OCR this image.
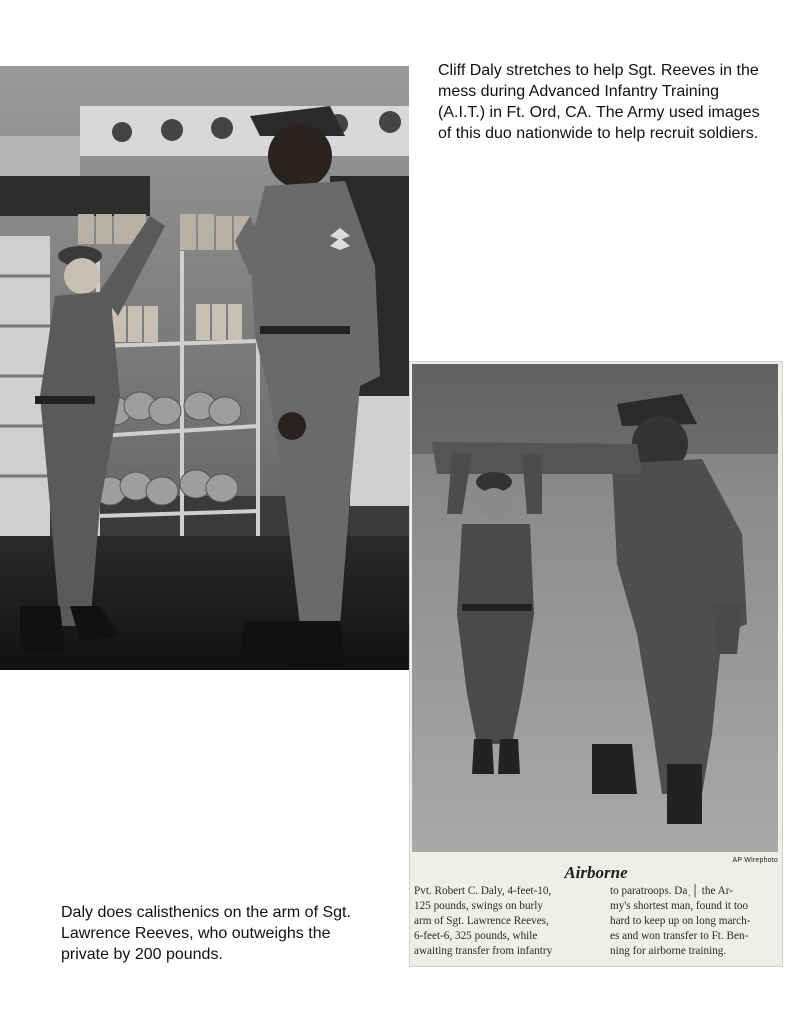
Cliff Daly stretches to help Sgt. Reeves in the mess during Advanced Infantry Training (A.I.T.) in Ft. Ord, CA. The Army used images of this duo nationwide to help recruit soldiers.
AP Wirephoto
Airborne
Pvt. Robert C. Daly, 4-feet-10,
125 pounds, swings on burly
arm of Sgt. Lawrence Reeves,
6-feet-6, 325 pounds, while
awaiting transfer from infantry
to paratroops. Daˌ│ the Ar-
my's shortest man, found it too
hard to keep up on long march-
es and won transfer to Ft. Ben-
ning for airborne training.
Daly does calisthenics on the arm of Sgt. Lawrence Reeves, who outweighs the private by 200 pounds.
